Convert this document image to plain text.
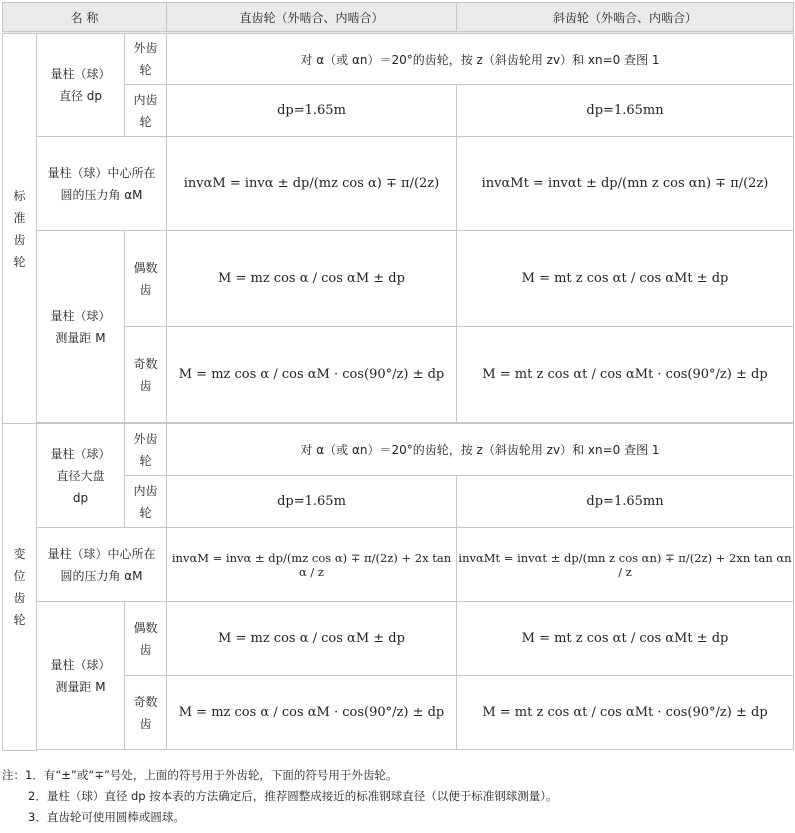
名 称			直齿轮（外啮合、内啮合）	斜齿轮（外啮合、内啮合）

标准齿轮	量柱（球）直径 dp	外齿轮	对 α（或 αn）＝20°的齿轮，按 z（斜齿轮用 zv）和 xn=0 查图 1	
		内齿轮	dp=1.65m	dp=1.65mn
	量柱（球）中心所在圆的压力角 αM		invαM = invα ± dp/(mz cos α) ∓ π/(2z)	invαMt = invαt ± dp/(mn z cos αn) ∓ π/(2z)
	量柱（球）测量距 M	偶数齿	M = mz cos α / cos αM ± dp	M = mt z cos αt / cos αMt ± dp
		奇数齿	M = mz cos α / cos αM · cos(90°/z) ± dp	M = mt z cos αt / cos αMt · cos(90°/z) ± dp

变位齿轮	量柱（球）直径大盘 dp	外齿轮	对 α（或 αn）＝20°的齿轮，按 z（斜齿轮用 zv）和 xn=0 查图 1	
		内齿轮	dp=1.65m	dp=1.65mn
	量柱（球）中心所在圆的压力角 αM		invαM = invα ± dp/(mz cos α) ∓ π/(2z) + 2x tan α / z	invαMt = invαt ± dp/(mn z cos αn) ∓ π/(2z) + 2xn tan αn / z
	量柱（球）测量距 M	偶数齿	M = mz cos α / cos αM ± dp	M = mt z cos αt / cos αMt ± dp
		奇数齿	M = mz cos α / cos αM · cos(90°/z) ± dp	M = mt z cos αt / cos αMt · cos(90°/z) ± dp

注：1．有“±”或“∓”号处，上面的符号用于外齿轮，下面的符号用于外齿轮。
2．量柱（球）直径 dp 按本表的方法确定后，推荐圆整成接近的标准钢球直径（以便于标准钢球测量）。
3．直齿轮可使用圆棒或圆球。
